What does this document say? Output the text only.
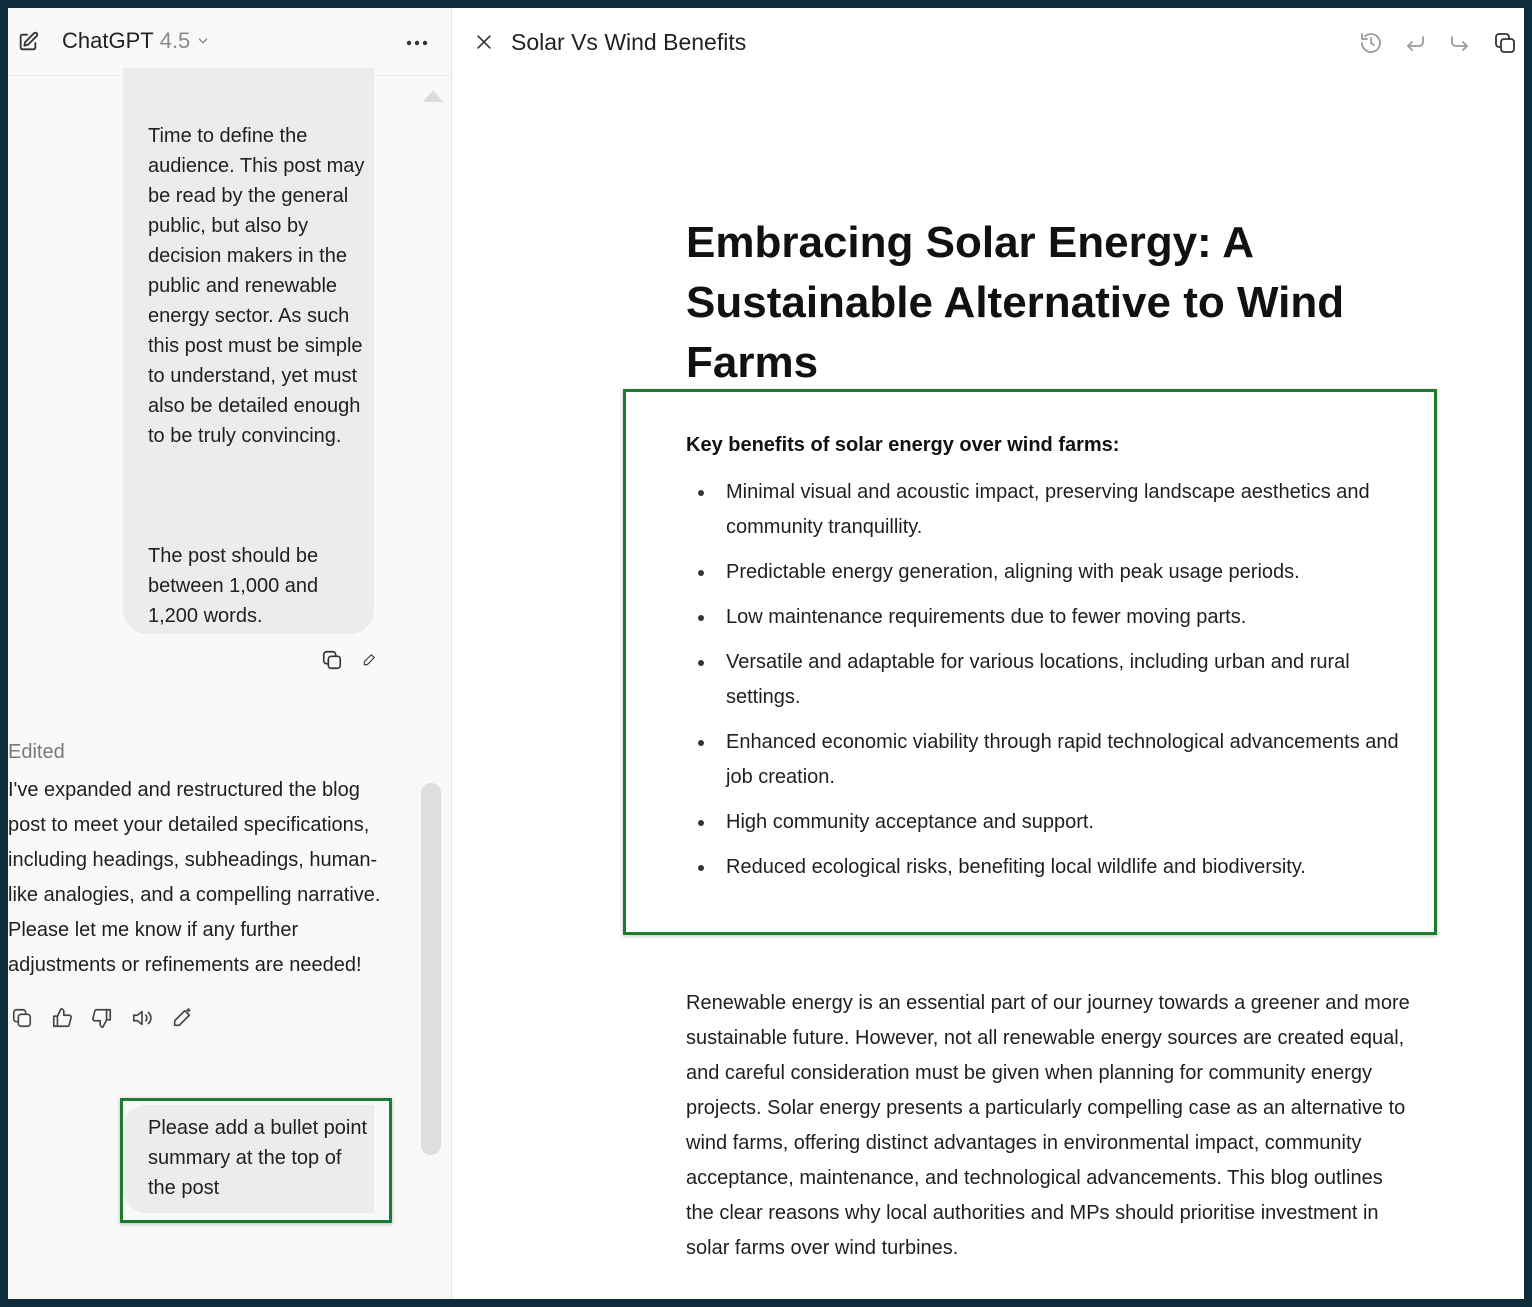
ChatGPT 4.5

Time to define the audience. This post may be read by the general public, but also by decision makers in the public and renewable energy sector. As such this post must be simple to understand, yet must also be detailed enough to be truly convincing.

The post should be between 1,000 and 1,200 words.

Edited
I've expanded and restructured the blog post to meet your detailed specifications, including headings, subheadings, human-like analogies, and a compelling narrative. Please let me know if any further adjustments or refinements are needed!

Please add a bullet point summary at the top of the post

Solar Vs Wind Benefits
Embracing Solar Energy: A Sustainable Alternative to Wind Farms
Key benefits of solar energy over wind farms:
Minimal visual and acoustic impact, preserving landscape aesthetics and community tranquillity.
Predictable energy generation, aligning with peak usage periods.
Low maintenance requirements due to fewer moving parts.
Versatile and adaptable for various locations, including urban and rural settings.
Enhanced economic viability through rapid technological advancements and job creation.
High community acceptance and support.
Reduced ecological risks, benefiting local wildlife and biodiversity.

Renewable energy is an essential part of our journey towards a greener and more sustainable future. However, not all renewable energy sources are created equal, and careful consideration must be given when planning for community energy projects. Solar energy presents a particularly compelling case as an alternative to wind farms, offering distinct advantages in environmental impact, community acceptance, maintenance, and technological advancements. This blog outlines the clear reasons why local authorities and MPs should prioritise investment in solar farms over wind turbines.
